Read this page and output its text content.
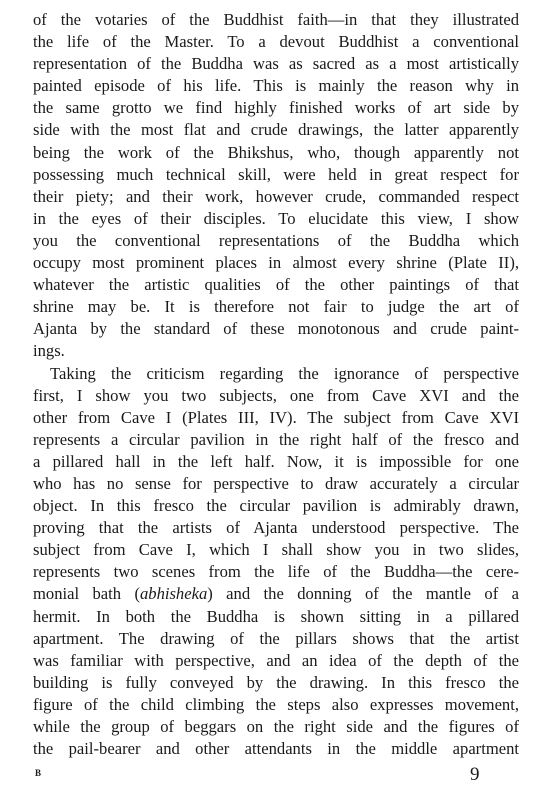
of the votaries of the Buddhist faith—in that they illustrated
the life of the Master. To a devout Buddhist a conventional
representation of the Buddha was as sacred as a most artistically
painted episode of his life. This is mainly the reason why in
the same grotto we find highly finished works of art side by
side with the most flat and crude drawings, the latter apparently
being the work of the Bhikshus, who, though apparently not
possessing much technical skill, were held in great respect for
their piety; and their work, however crude, commanded respect
in the eyes of their disciples. To elucidate this view, I show
you the conventional representations of the Buddha which
occupy most prominent places in almost every shrine (Plate II),
whatever the artistic qualities of the other paintings of that
shrine may be. It is therefore not fair to judge the art of
Ajanta by the standard of these monotonous and crude paint-
ings.
Taking the criticism regarding the ignorance of perspective
first, I show you two subjects, one from Cave XVI and the
other from Cave I (Plates III, IV). The subject from Cave XVI
represents a circular pavilion in the right half of the fresco and
a pillared hall in the left half. Now, it is impossible for one
who has no sense for perspective to draw accurately a circular
object. In this fresco the circular pavilion is admirably drawn,
proving that the artists of Ajanta understood perspective. The
subject from Cave I, which I shall show you in two slides,
represents two scenes from the life of the Buddha—the cere-
monial bath (abhisheka) and the donning of the mantle of a
hermit. In both the Buddha is shown sitting in a pillared
apartment. The drawing of the pillars shows that the artist
was familiar with perspective, and an idea of the depth of the
building is fully conveyed by the drawing. In this fresco the
figure of the child climbing the steps also expresses movement,
while the group of beggars on the right side and the figures of
the pail-bearer and other attendants in the middle apartment
B	9
